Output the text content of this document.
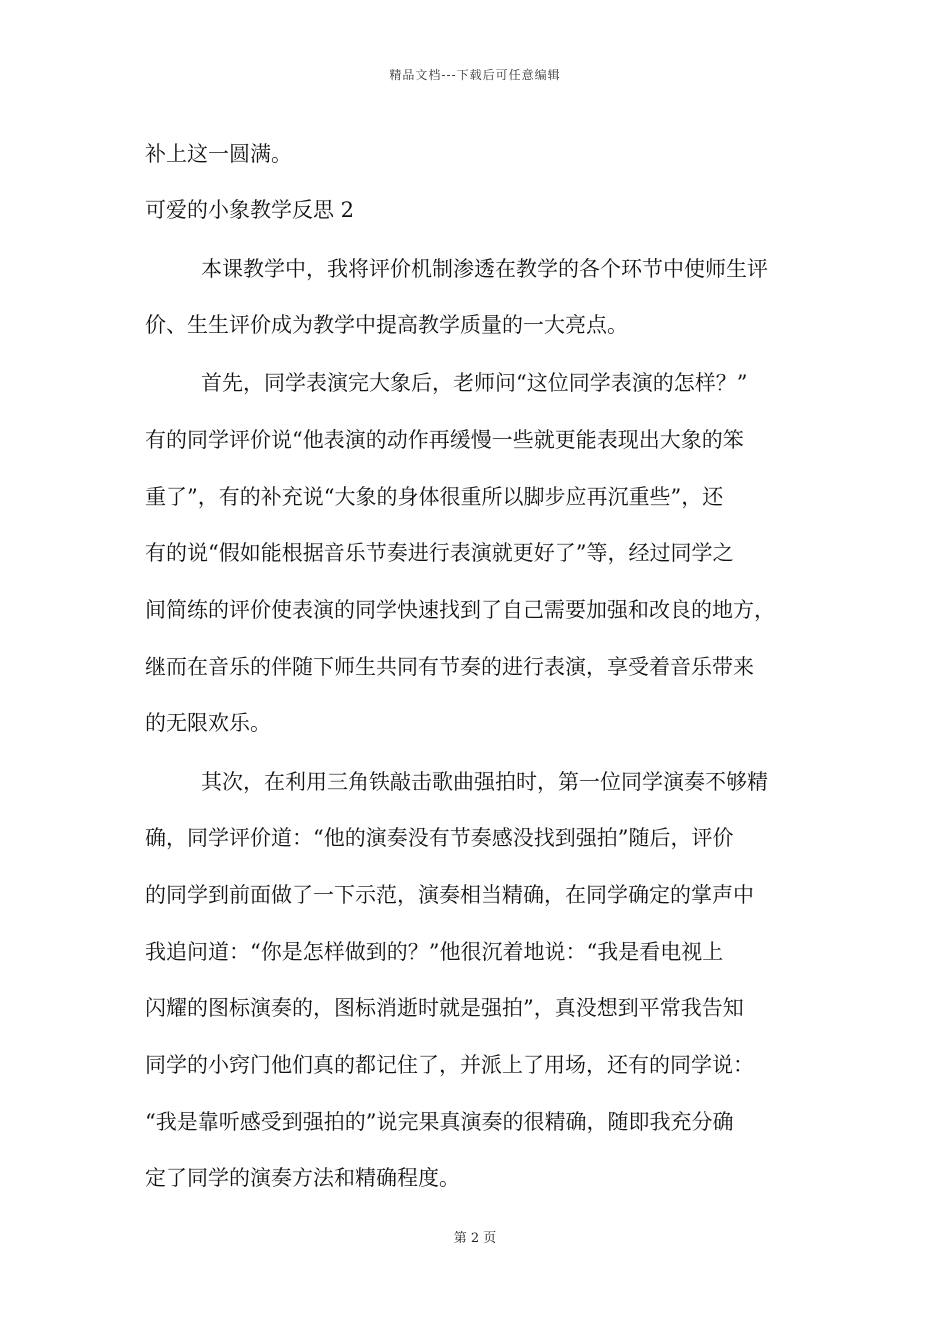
精品文档---下载后可任意编辑
补上这一圆满。
可爱的小象教学反思 2
本课教学中，我将评价机制渗透在教学的各个环节中使师生评
价、生生评价成为教学中提高教学质量的一大亮点。
首先，同学表演完大象后，老师问“这位同学表演的怎样？”
有的同学评价说“他表演的动作再缓慢一些就更能表现出大象的笨
重了”，有的补充说“大象的身体很重所以脚步应再沉重些”，还
有的说“假如能根据音乐节奏进行表演就更好了”等，经过同学之
间简练的评价使表演的同学快速找到了自己需要加强和改良的地方，
继而在音乐的伴随下师生共同有节奏的进行表演，享受着音乐带来
的无限欢乐。
其次，在利用三角铁敲击歌曲强拍时，第一位同学演奏不够精
确，同学评价道：“他的演奏没有节奏感没找到强拍”随后，评价
的同学到前面做了一下示范，演奏相当精确，在同学确定的掌声中
我追问道：“你是怎样做到的？”他很沉着地说：“我是看电视上
闪耀的图标演奏的，图标消逝时就是强拍”，真没想到平常我告知
同学的小窍门他们真的都记住了，并派上了用场，还有的同学说：
“我是靠听感受到强拍的”说完果真演奏的很精确，随即我充分确
定了同学的演奏方法和精确程度。
第 2 页
